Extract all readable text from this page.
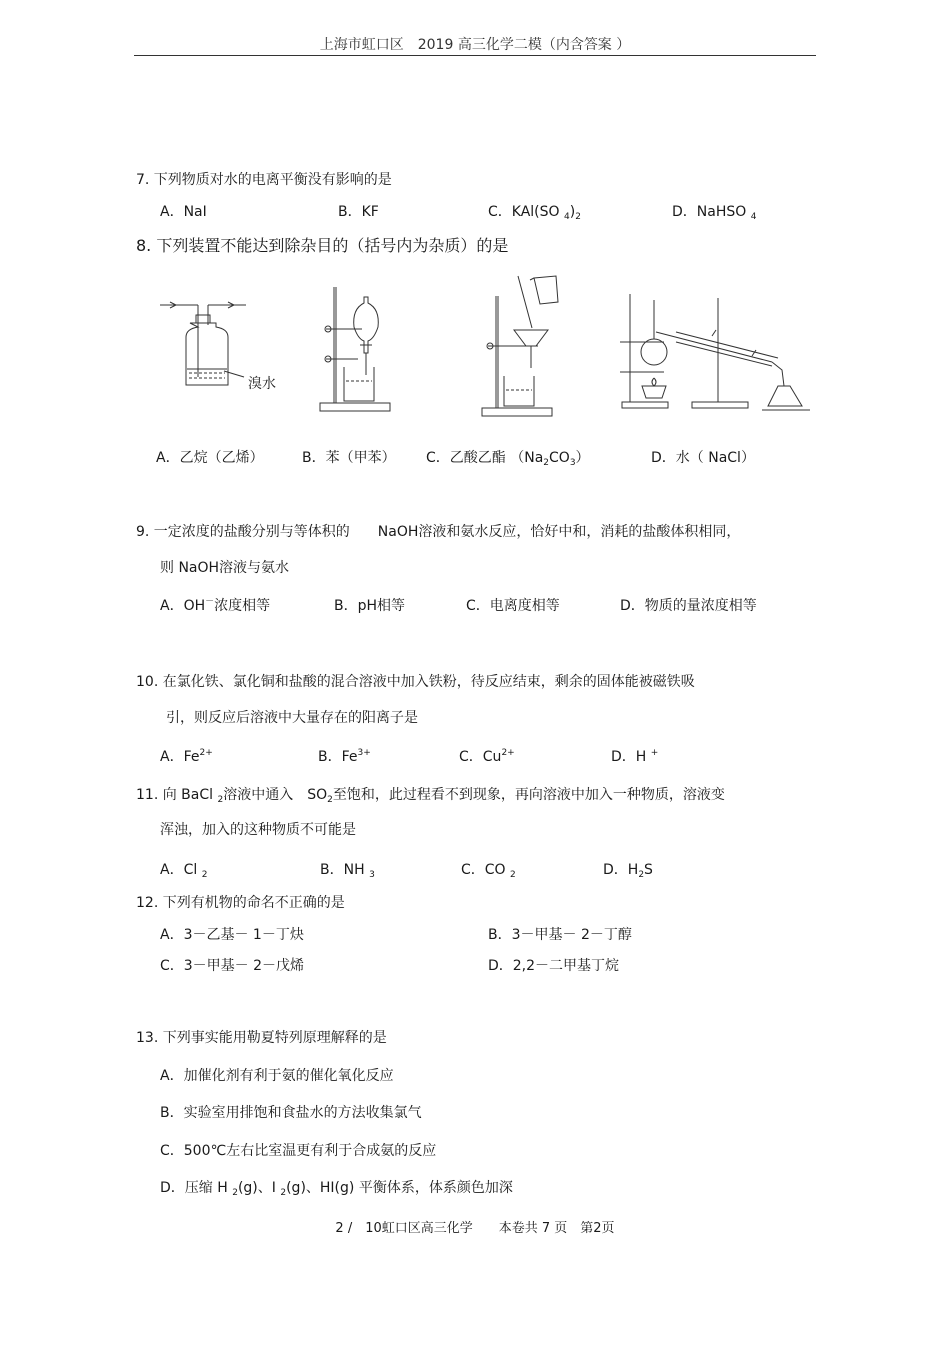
上海市虹口区　2019 高三化学二模（内含答案 ）
7. 下列物质对水的电离平衡没有影响的是
A．NaI	B．KF	C．KAl(SO $_4)_2$	D．NaHSO $_4$
8. 下列装置不能达到除杂目的（括号内为杂质）的是
溴水
A．乙烷（乙烯）	B．苯（甲苯） C．乙酸乙酯 $(Na_2CO_3)$	D．水（ NaCl）
9. 一定浓度的盐酸分别与等体积的　　NaOH溶液和氨水反应，恰好中和，消耗的盐酸体积相同，
则 NaOH溶液与氨水
A．OH－浓度相等	B．pH相等	C．电离度相等	D．物质的量浓度相等
10. 在氯化铁、氯化铜和盐酸的混合溶液中加入铁粉，待反应结束，剩余的固体能被磁铁吸
引，则反应后溶液中大量存在的阳离子是
A．$Fe^{2+}$	B．$Fe^{3+}$	C．$Cu^{2+}$	D．H +
11. 向 BaCl $_2$溶液中通入　$SO_2$至饱和，此过程看不到现象，再向溶液中加入一种物质，溶液变
浑浊，加入的这种物质不可能是
A．Cl $_2$	B．NH $_3$	C．CO $_2$	D．$H_2S$
12. 下列有机物的命名不正确的是
A．3－乙基－ 1－丁炔	B．3－甲基－ 2－丁醇
C．3－甲基－ 2－戊烯	D．2,2－二甲基丁烷
13. 下列事实能用勒夏特列原理解释的是
A．加催化剂有利于氨的催化氧化反应
B．实验室用排饱和食盐水的方法收集氯气
C．500℃左右比室温更有利于合成氨的反应
D．压缩 H $_2$(g)、I $_2$(g)、HI(g) 平衡体系，体系颜色加深
2 /　10虹口区高三化学　　本卷共 7 页　第2页
